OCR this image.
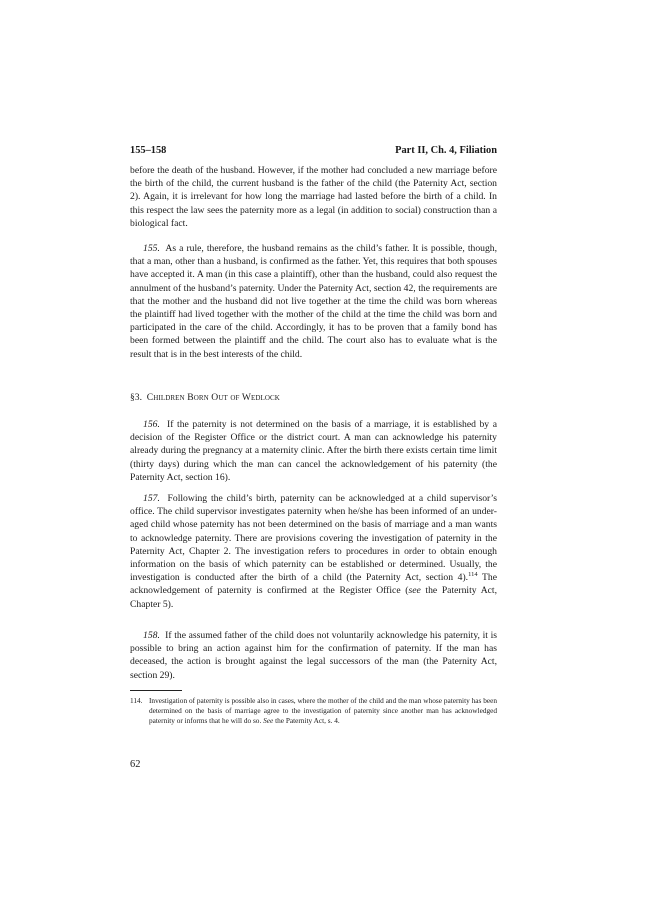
155–158	Part II, Ch. 4, Filiation
before the death of the husband. However, if the mother had concluded a new marriage before the birth of the child, the current husband is the father of the child (the Paternity Act, section 2). Again, it is irrelevant for how long the marriage had lasted before the birth of a child. In this respect the law sees the paternity more as a legal (in addition to social) construction than a biological fact.
155. As a rule, therefore, the husband remains as the child’s father. It is possible, though, that a man, other than a husband, is confirmed as the father. Yet, this requires that both spouses have accepted it. A man (in this case a plaintiff), other than the husband, could also request the annulment of the husband’s paternity. Under the Paternity Act, section 42, the requirements are that the mother and the husband did not live together at the time the child was born whereas the plaintiff had lived together with the mother of the child at the time the child was born and participated in the care of the child. Accordingly, it has to be proven that a family bond has been formed between the plaintiff and the child. The court also has to evaluate what is the result that is in the best interests of the child.
§3. Children Born Out of Wedlock
156. If the paternity is not determined on the basis of a marriage, it is established by a decision of the Register Office or the district court. A man can acknowledge his paternity already during the pregnancy at a maternity clinic. After the birth there exists certain time limit (thirty days) during which the man can cancel the acknowledgement of his paternity (the Paternity Act, section 16).
157. Following the child’s birth, paternity can be acknowledged at a child supervisor’s office. The child supervisor investigates paternity when he/she has been informed of an under-aged child whose paternity has not been determined on the basis of marriage and a man wants to acknowledge paternity. There are provisions covering the investigation of paternity in the Paternity Act, Chapter 2. The investigation refers to procedures in order to obtain enough information on the basis of which paternity can be established or determined. Usually, the investigation is conducted after the birth of a child (the Paternity Act, section 4).$^{114}$ The acknowledgement of paternity is confirmed at the Register Office (see the Paternity Act, Chapter 5).
158. If the assumed father of the child does not voluntarily acknowledge his paternity, it is possible to bring an action against him for the confirmation of paternity. If the man has deceased, the action is brought against the legal successors of the man (the Paternity Act, section 29).
114. Investigation of paternity is possible also in cases, where the mother of the child and the man whose paternity has been determined on the basis of marriage agree to the investigation of paternity since another man has acknowledged paternity or informs that he will do so. See the Paternity Act, s. 4.
62
